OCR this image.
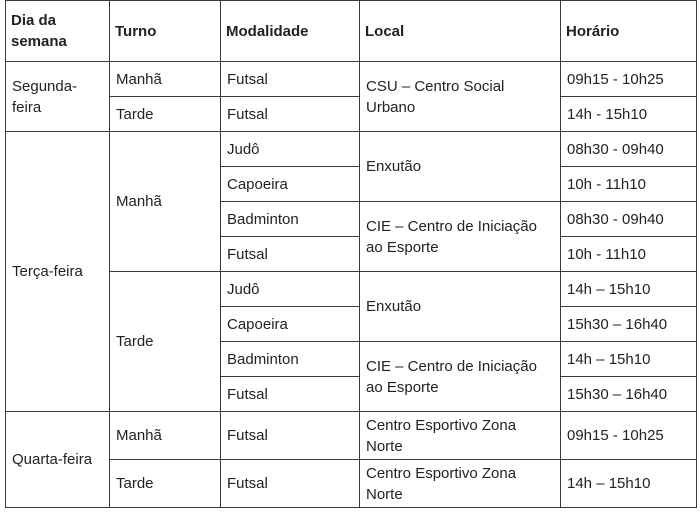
Dia da semana	Turno	Modalidade	Local	Horário
Segunda-feira	Manhã	Futsal	CSU – Centro Social Urbano	09h15 - 10h25
	Tarde	Futsal		14h - 15h10
Terça-feira	Manhã	Judô	Enxutão	08h30 - 09h40
		Capoeira		10h - 11h10
		Badminton	CIE – Centro de Iniciação ao Esporte	08h30 - 09h40
		Futsal		10h - 11h10
	Tarde	Judô	Enxutão	14h – 15h10
		Capoeira		15h30 – 16h40
		Badminton	CIE – Centro de Iniciação ao Esporte	14h – 15h10
		Futsal		15h30 – 16h40
Quarta-feira	Manhã	Futsal	Centro Esportivo Zona Norte	09h15 - 10h25
	Tarde	Futsal	Centro Esportivo Zona Norte	14h – 15h10
